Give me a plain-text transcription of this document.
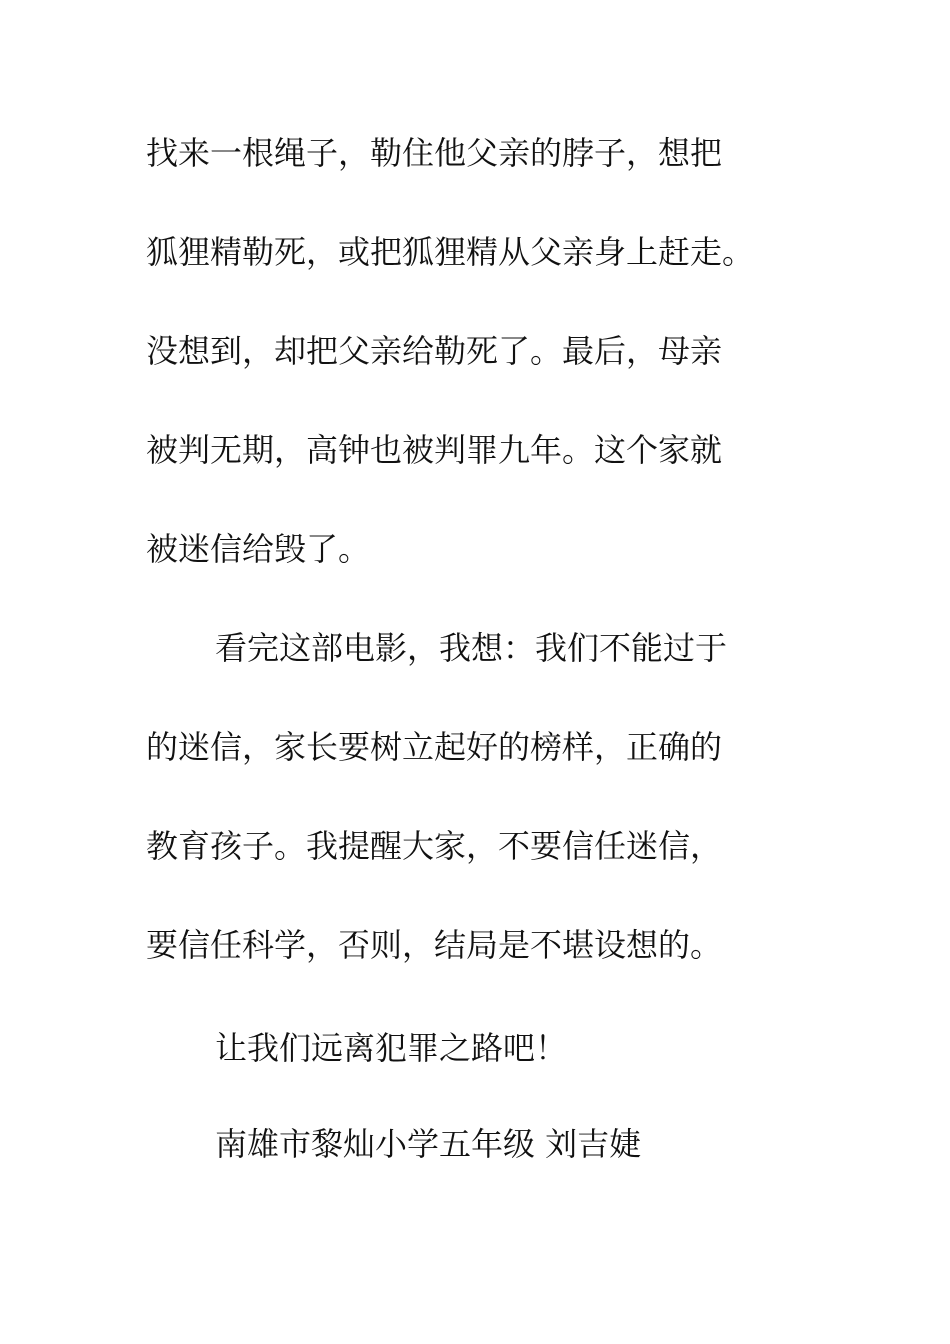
找来一根绳子，勒住他父亲的脖子，想把
狐狸精勒死，或把狐狸精从父亲身上赶走。
没想到，却把父亲给勒死了。最后，母亲
被判无期，高钟也被判罪九年。这个家就
被迷信给毁了。
看完这部电影，我想：我们不能过于
的迷信，家长要树立起好的榜样，正确的
教育孩子。我提醒大家，不要信任迷信，
要信任科学，否则，结局是不堪设想的。
让我们远离犯罪之路吧！
南雄市黎灿小学五年级 刘吉婕
